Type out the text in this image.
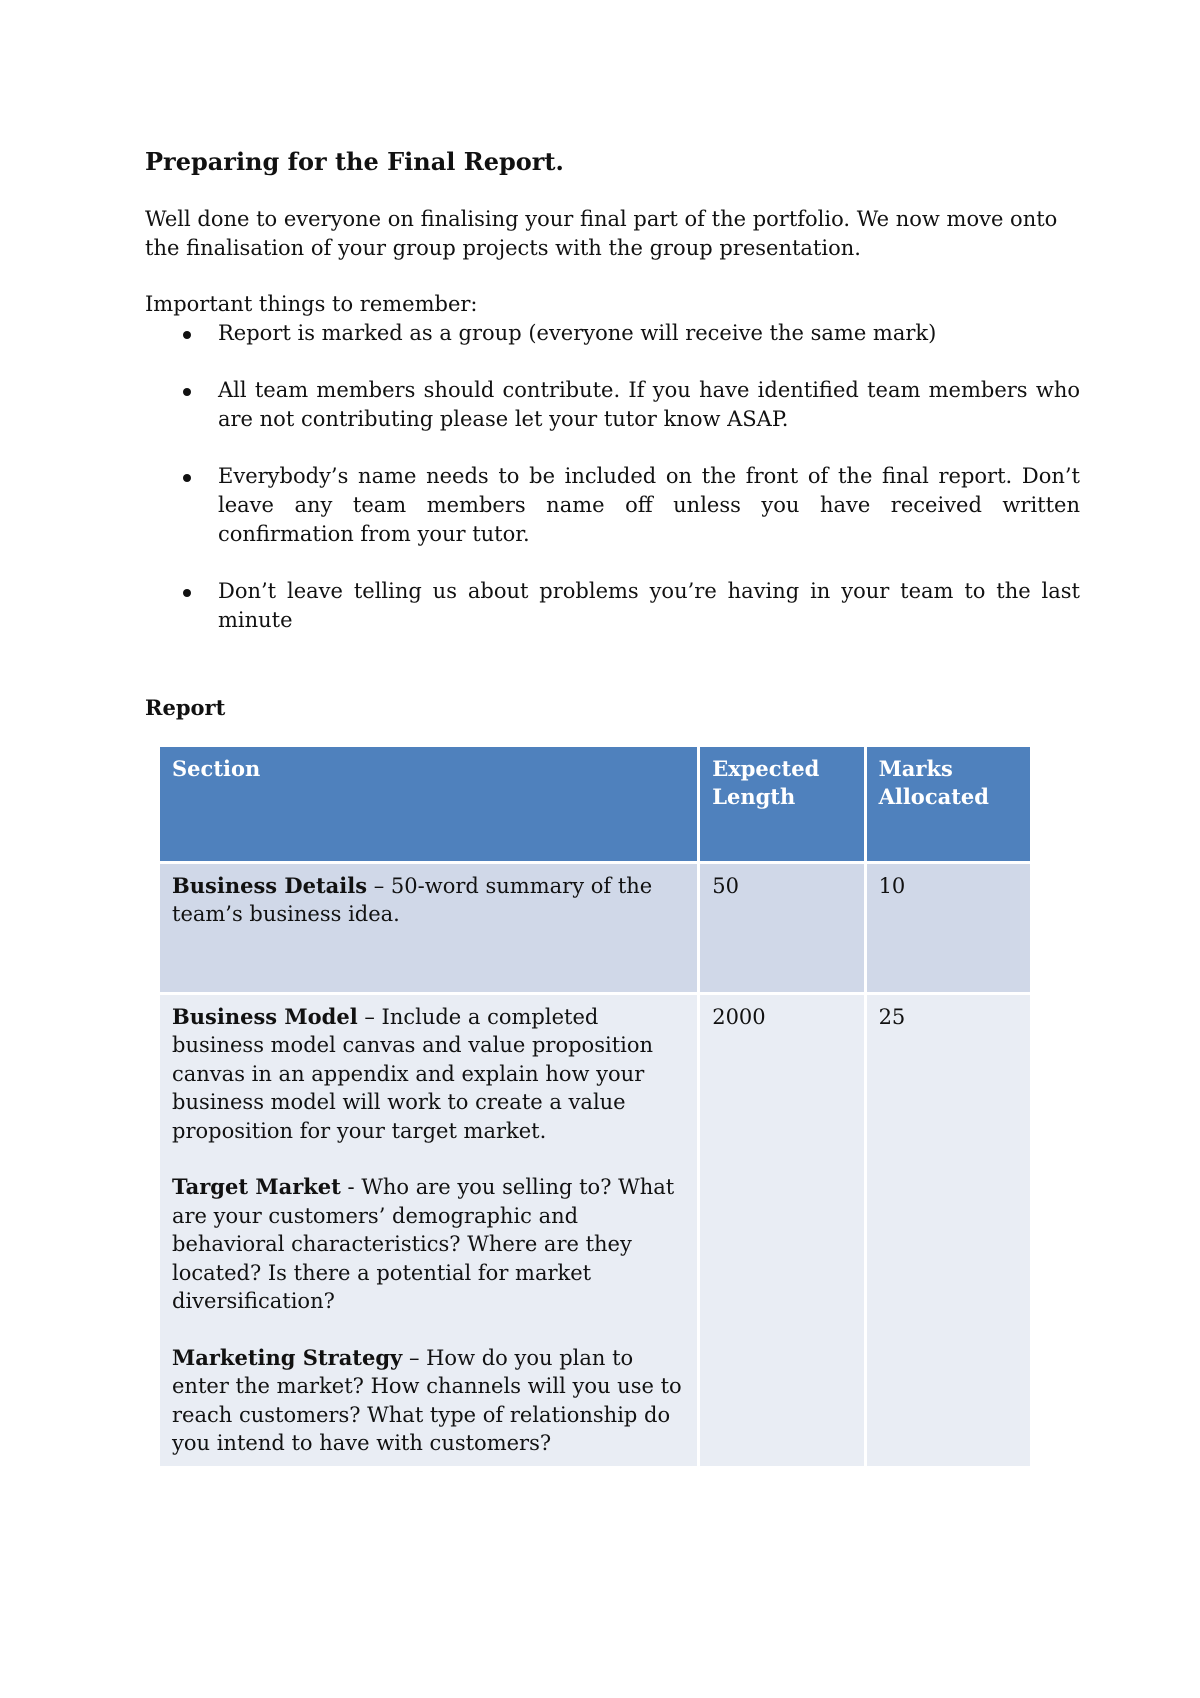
Preparing for the Final Report.

Well done to everyone on finalising your final part of the portfolio. We now move onto the finalisation of your group projects with the group presentation.

Important things to remember:

Report is marked as a group (everyone will receive the same mark)
All team members should contribute. If you have identified team members who are not contributing please let your tutor know ASAP.
Everybody’s name needs to be included on the front of the final report. Don’t leave any team members name off unless you have received written confirmation from your tutor.
Don’t leave telling us about problems you’re having in your team to the last minute
Report
Section	Expected Length	Marks Allocated

Business Details – 50-word summary of the team’s business idea.	50	10

Business Model – Include a completed business model canvas and value proposition canvas in an appendix and explain how your business model will work to create a value proposition for your target market.

Target Market - Who are you selling to? What are your customers’ demographic and behavioral characteristics? Where are they located? Is there a potential for market diversification?

Marketing Strategy – How do you plan to enter the market? How channels will you use to reach customers? What type of relationship do you intend to have with customers?	2000	25
